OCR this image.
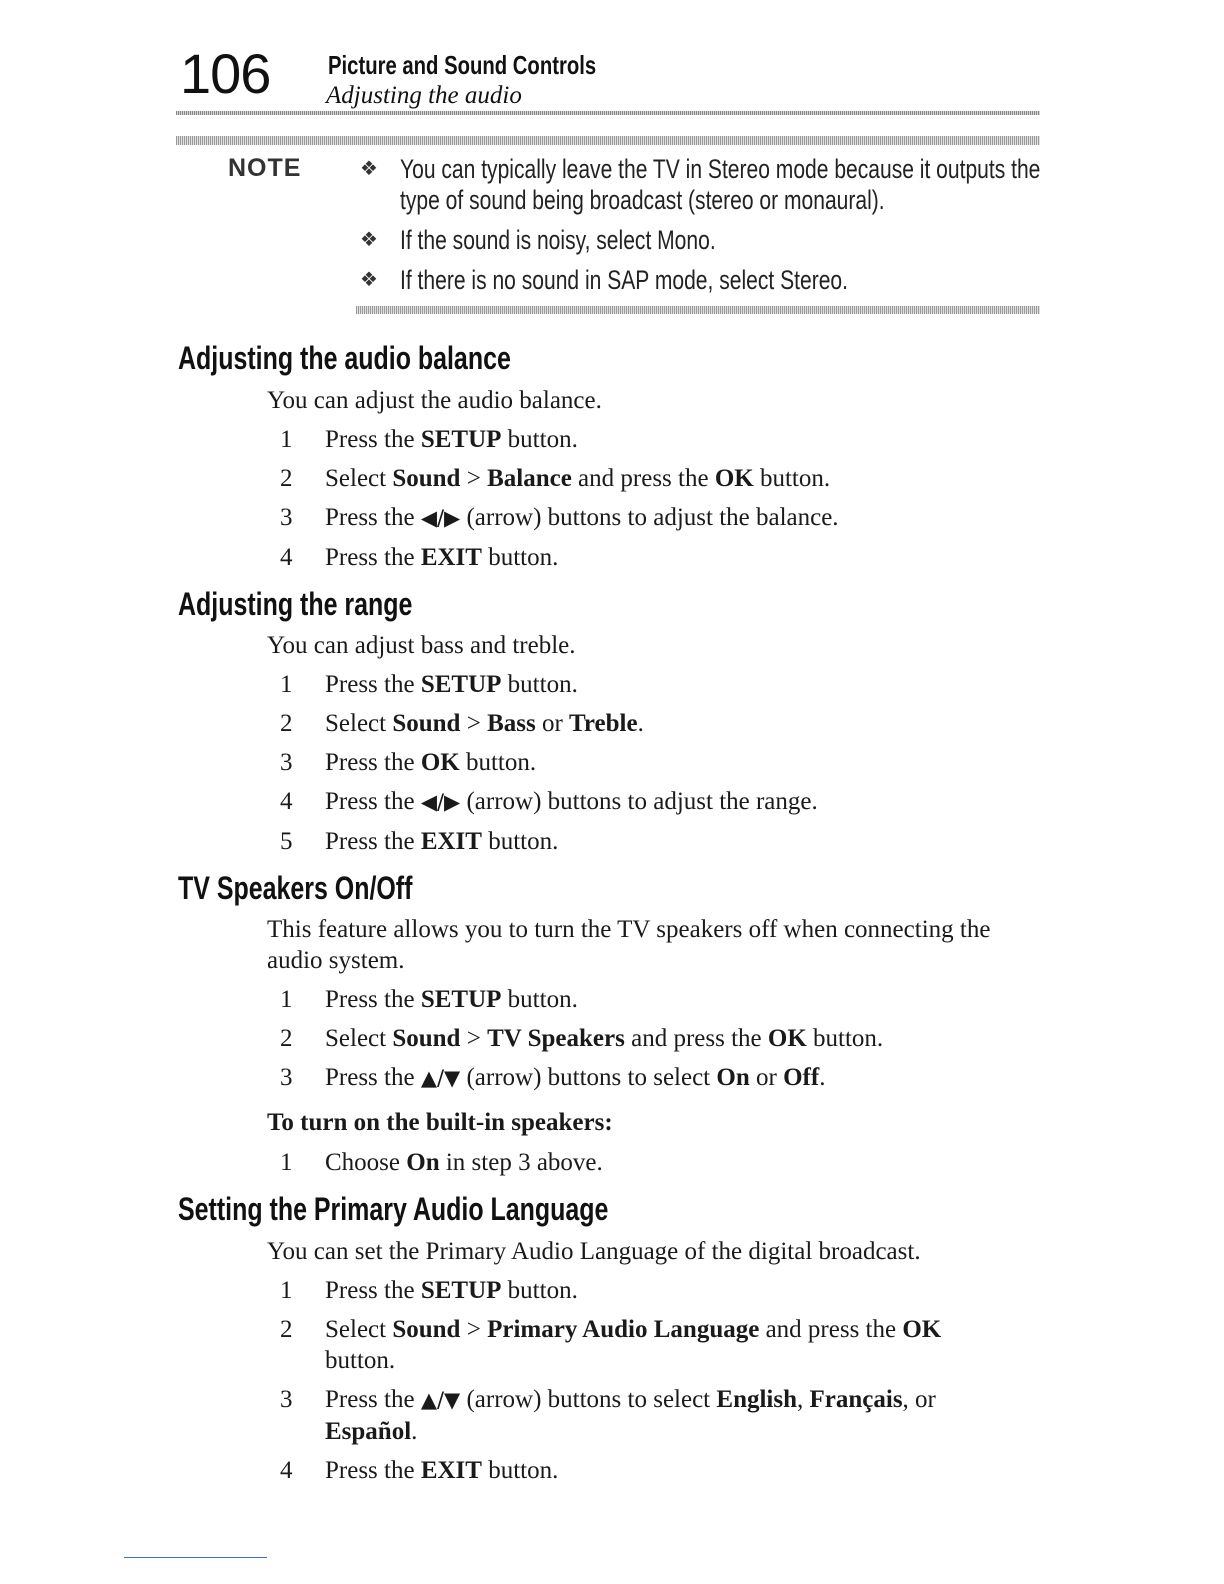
106 Picture and Sound Controls
Adjusting the audio
NOTE	❖ You can typically leave the TV in Stereo mode because it outputs the
type of sound being broadcast (stereo or monaural).
❖ If the sound is noisy, select Mono.
❖ If there is no sound in SAP mode, select Stereo.
Adjusting the audio balance
You can adjust the audio balance.
1 Press the SETUP button.
2 Select Sound > Balance and press the OK button.
3 Press the ◀/▶ (arrow) buttons to adjust the balance.
4 Press the EXIT button.
Adjusting the range
You can adjust bass and treble.
1 Press the SETUP button.
2 Select Sound > Bass or Treble.
3 Press the OK button.
4 Press the ◀/▶ (arrow) buttons to adjust the range.
5 Press the EXIT button.
TV Speakers On/Off
This feature allows you to turn the TV speakers off when connecting the audio system.
1 Press the SETUP button.
2 Select Sound > TV Speakers and press the OK button.
3 Press the ▲/▼ (arrow) buttons to select On or Off.
To turn on the built-in speakers:
1 Choose On in step 3 above.
Setting the Primary Audio Language
You can set the Primary Audio Language of the digital broadcast.
1 Press the SETUP button.
2 Select Sound > Primary Audio Language and press the OK button.
3 Press the ▲/▼ (arrow) buttons to select English, Français, or Español.
4 Press the EXIT button.
